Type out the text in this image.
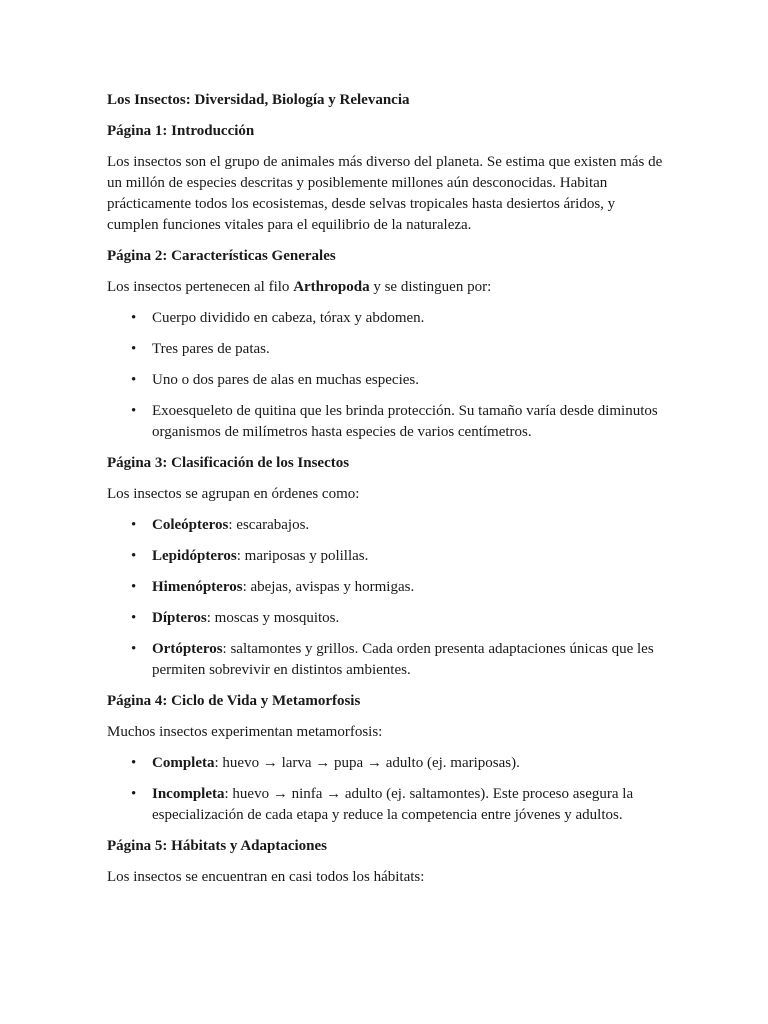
Los Insectos: Diversidad, Biología y Relevancia

Página 1: Introducción

Los insectos son el grupo de animales más diverso del planeta. Se estima que existen más de un millón de especies descritas y posiblemente millones aún desconocidas. Habitan prácticamente todos los ecosistemas, desde selvas tropicales hasta desiertos áridos, y cumplen funciones vitales para el equilibrio de la naturaleza.

Página 2: Características Generales

Los insectos pertenecen al filo Arthropoda y se distinguen por:

• Cuerpo dividido en cabeza, tórax y abdomen.
• Tres pares de patas.
• Uno o dos pares de alas en muchas especies.
• Exoesqueleto de quitina que les brinda protección. Su tamaño varía desde diminutos organismos de milímetros hasta especies de varios centímetros.

Página 3: Clasificación de los Insectos

Los insectos se agrupan en órdenes como:

• Coleópteros: escarabajos.
• Lepidópteros: mariposas y polillas.
• Himenópteros: abejas, avispas y hormigas.
• Dípteros: moscas y mosquitos.
• Ortópteros: saltamontes y grillos. Cada orden presenta adaptaciones únicas que les permiten sobrevivir en distintos ambientes.

Página 4: Ciclo de Vida y Metamorfosis

Muchos insectos experimentan metamorfosis:

• Completa: huevo → larva → pupa → adulto (ej. mariposas).
• Incompleta: huevo → ninfa → adulto (ej. saltamontes). Este proceso asegura la especialización de cada etapa y reduce la competencia entre jóvenes y adultos.

Página 5: Hábitats y Adaptaciones

Los insectos se encuentran en casi todos los hábitats:
